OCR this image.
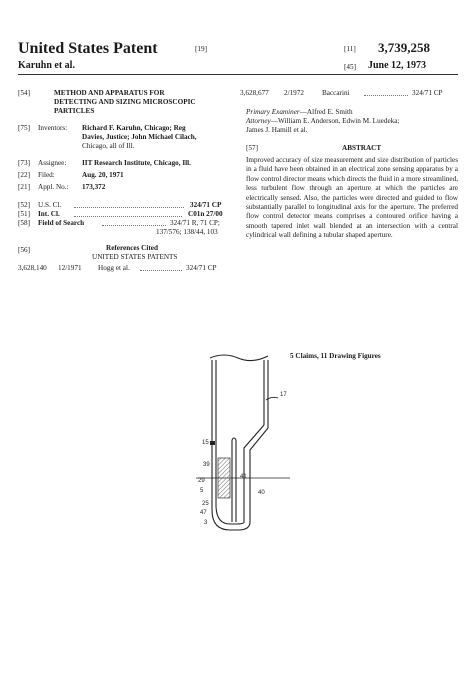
United States Patent	[19]	[11] 3,739,258
Karuhn et al.	[45] June 12, 1973
[54]	METHOD AND APPARATUS FOR
DETECTING AND SIZING MICROSCOPIC
PARTICLES
[75] Inventors: Richard F. Karuhn, Chicago; Reg
Davies, Justice; John Michael Cilach,
Chicago, all of Ill.
[73] Assignee: IIT Research Institute, Chicago, Ill.
[22] Filed:	Aug. 20, 1971
[21] Appl. No.: 173,372
[52] U.S. Cl.	324/71 CP
[51] Int. Cl.	C01n 27/00
[58] Field of Search	324/71 R, 71 CP;
137/576; 138/44, 103
[56]	References Cited
UNITED STATES PATENTS
3,628,140 12/1971 Hogg et al.	324/71 CP
3,628,677 2/1972	Baccarini	324/71 CP
Primary Examiner—Alfred E. Smith
Attorney—William E. Anderson, Edwin M. Luedeka;
James J. Hamill et al.
[57]	ABSTRACT
Improved accuracy of size measurement and size distribution of particles in a fluid have been obtained in an electrical zone sensing apparatus by a flow control director means which directs the fluid in a more streamlined, less turbulent flow through an aperture at which the particles are electrically sensed. Also, the particles were directed and guided to flow substantially parallel to longitudinal axis for the aperture. The preferred flow control detector means comprises a contoured orifice having a smooth tapered inlet wall blended at an intersection with a central cylindrical wall defining a tubular shaped aperture.
5 Claims, 11 Drawing Figures
17
15
39
29
5
41
40
25
47
3
